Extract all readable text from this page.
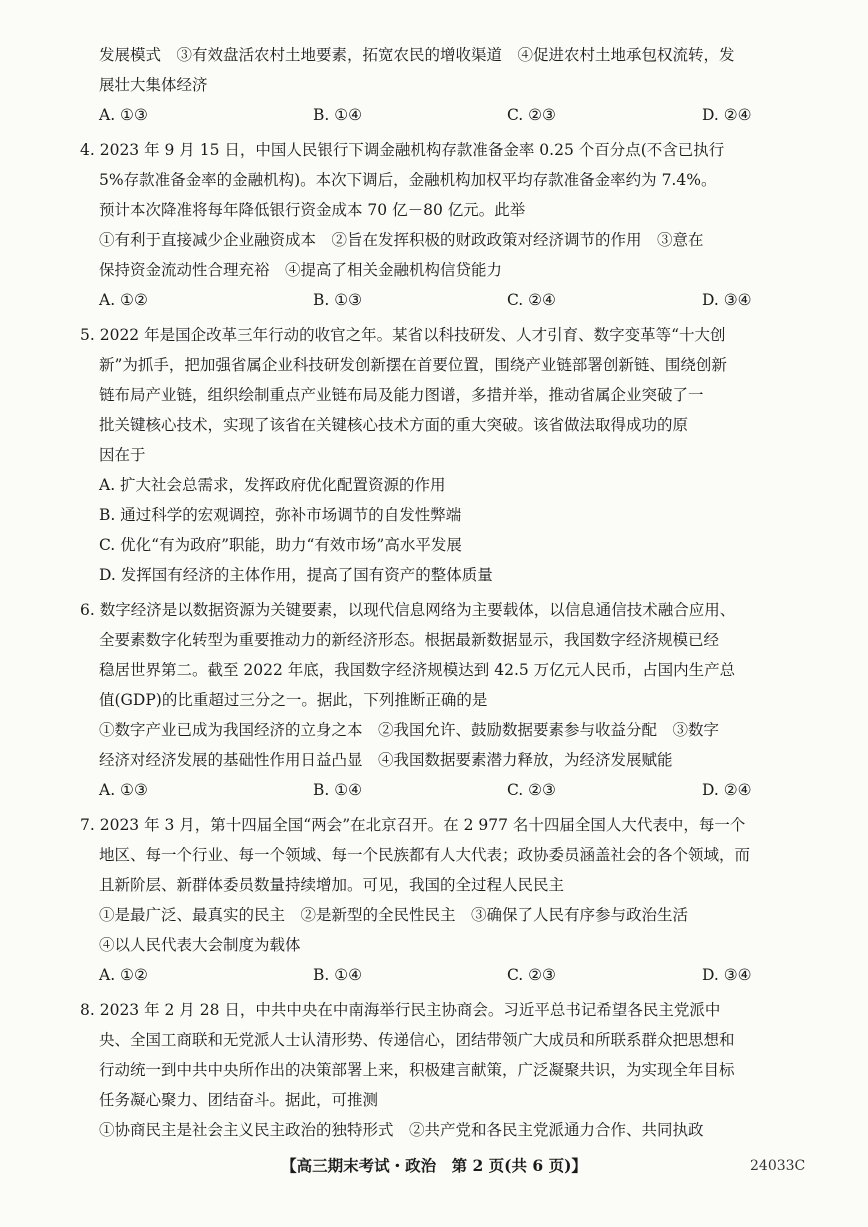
发展模式　③有效盘活农村土地要素，拓宽农民的增收渠道　④促进农村土地承包权流转，发
展壮大集体经济
A. ①③	B. ①④	C. ②③	D. ②④
4. 2023 年 9 月 15 日，中国人民银行下调金融机构存款准备金率 0.25 个百分点(不含已执行
5%存款准备金率的金融机构)。本次下调后，金融机构加权平均存款准备金率约为 7.4%。
预计本次降准将每年降低银行资金成本 70 亿－80 亿元。此举
①有利于直接减少企业融资成本　②旨在发挥积极的财政政策对经济调节的作用　③意在
保持资金流动性合理充裕　④提高了相关金融机构信贷能力
A. ①②	B. ①③	C. ②④	D. ③④
5. 2022 年是国企改革三年行动的收官之年。某省以科技研发、人才引育、数字变革等“十大创
新”为抓手，把加强省属企业科技研发创新摆在首要位置，围绕产业链部署创新链、围绕创新
链布局产业链，组织绘制重点产业链布局及能力图谱，多措并举，推动省属企业突破了一
批关键核心技术，实现了该省在关键核心技术方面的重大突破。该省做法取得成功的原
因在于
A. 扩大社会总需求，发挥政府优化配置资源的作用
B. 通过科学的宏观调控，弥补市场调节的自发性弊端
C. 优化“有为政府”职能，助力“有效市场”高水平发展
D. 发挥国有经济的主体作用，提高了国有资产的整体质量
6. 数字经济是以数据资源为关键要素，以现代信息网络为主要载体，以信息通信技术融合应用、
全要素数字化转型为重要推动力的新经济形态。根据最新数据显示，我国数字经济规模已经
稳居世界第二。截至 2022 年底，我国数字经济规模达到 42.5 万亿元人民币，占国内生产总
值(GDP)的比重超过三分之一。据此，下列推断正确的是
①数字产业已成为我国经济的立身之本　②我国允许、鼓励数据要素参与收益分配　③数字
经济对经济发展的基础性作用日益凸显　④我国数据要素潜力释放，为经济发展赋能
A. ①③	B. ①④	C. ②③	D. ②④
7. 2023 年 3 月，第十四届全国“两会”在北京召开。在 2 977 名十四届全国人大代表中，每一个
地区、每一个行业、每一个领域、每一个民族都有人大代表；政协委员涵盖社会的各个领域，而
且新阶层、新群体委员数量持续增加。可见，我国的全过程人民民主
①是最广泛、最真实的民主　②是新型的全民性民主　③确保了人民有序参与政治生活
④以人民代表大会制度为载体
A. ①②	B. ①④	C. ②③	D. ③④
8. 2023 年 2 月 28 日，中共中央在中南海举行民主协商会。习近平总书记希望各民主党派中
央、全国工商联和无党派人士认清形势、传递信心，团结带领广大成员和所联系群众把思想和
行动统一到中共中央所作出的决策部署上来，积极建言献策，广泛凝聚共识，为实现全年目标
任务凝心聚力、团结奋斗。据此，可推测
①协商民主是社会主义民主政治的独特形式　②共产党和各民主党派通力合作、共同执政
【高三期末考试・政治　第 2 页(共 6 页)】	24033C
